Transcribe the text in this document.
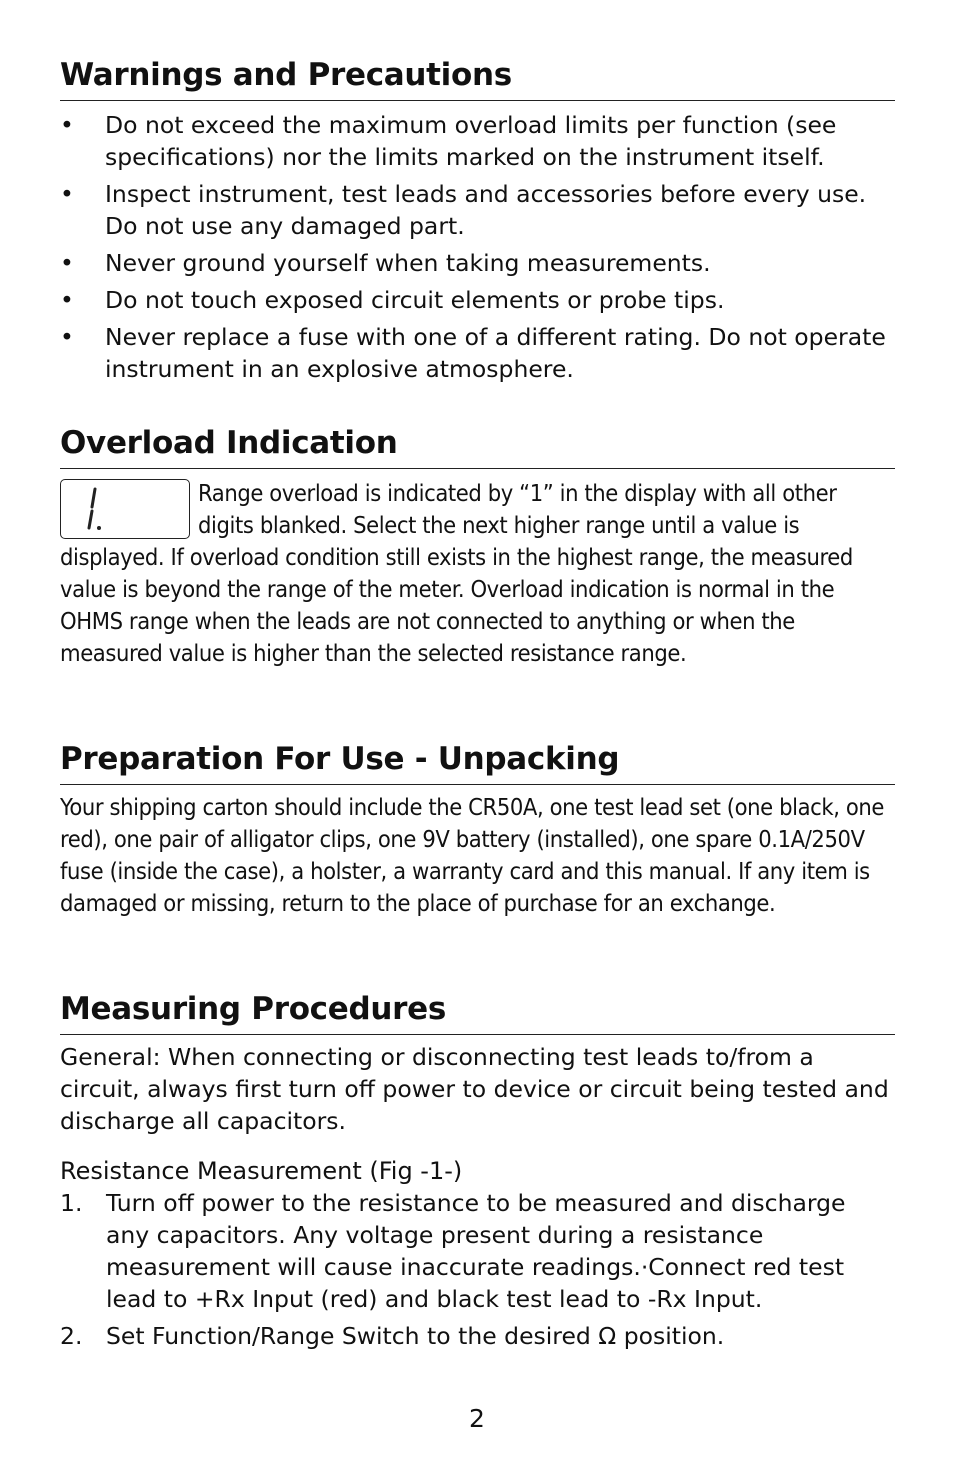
Warnings and Precautions
• Do not exceed the maximum overload limits per function (see specifications) nor the limits marked on the instrument itself.
• Inspect instrument, test leads and accessories before every use. Do not use any damaged part.
• Never ground yourself when taking measurements.
• Do not touch exposed circuit elements or probe tips.
• Never replace a fuse with one of a different rating. Do not operate instrument in an explosive atmosphere.
Overload Indication
Range overload is indicated by “1” in the display with all other digits blanked. Select the next higher range until a value is displayed. If overload condition still exists in the highest range, the measured value is beyond the range of the meter. Overload indication is normal in the OHMS range when the leads are not connected to anything or when the measured value is higher than the selected resistance range.
Preparation For Use - Unpacking
Your shipping carton should include the CR50A, one test lead set (one black, one red), one pair of alligator clips, one 9V battery (installed), one spare 0.1A/250V fuse (inside the case), a holster, a warranty card and this manual. If any item is damaged or missing, return to the place of purchase for an exchange.
Measuring Procedures
General: When connecting or disconnecting test leads to/from a circuit, always first turn off power to device or circuit being tested and discharge all capacitors.
Resistance Measurement (Fig -1-)
1. Turn off power to the resistance to be measured and discharge any capacitors. Any voltage present during a resistance measurement will cause inaccurate readings.·Connect red test lead to +Rx Input (red) and black test lead to -Rx Input.
2. Set Function/Range Switch to the desired Ω position.
2
